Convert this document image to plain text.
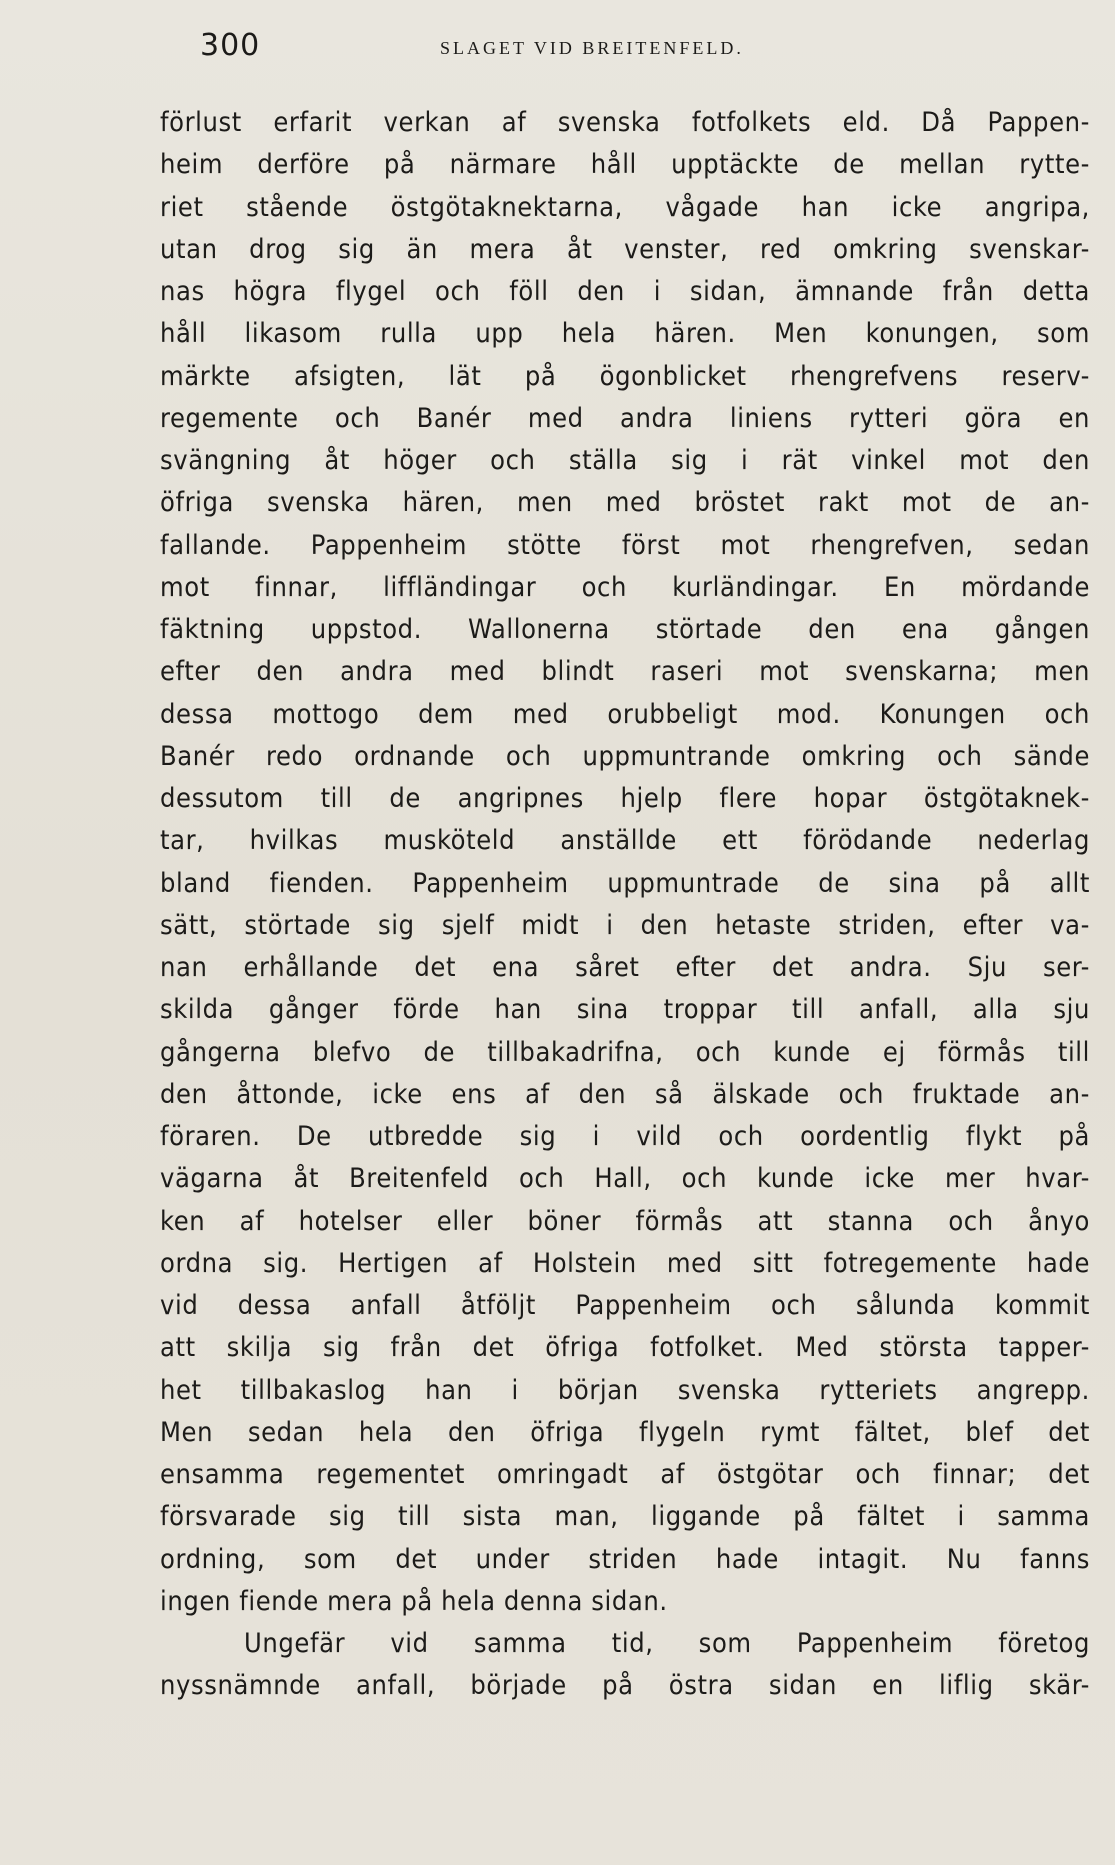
300	SLAGET VID BREITENFELD.
förlust erfarit verkan af svenska fotfolkets eld. Då Pappen-
heim derföre på närmare håll upptäckte de mellan rytte-
riet stående östgötaknektarna, vågade han icke angripa,
utan drog sig än mera åt venster, red omkring svenskar-
nas högra flygel och föll den i sidan, ämnande från detta
håll likasom rulla upp hela hären. Men konungen, som
märkte afsigten, lät på ögonblicket rhengrefvens reserv-
regemente och Banér med andra liniens rytteri göra en
svängning åt höger och ställa sig i rät vinkel mot den
öfriga svenska hären, men med bröstet rakt mot de an-
fallande. Pappenheim stötte först mot rhengrefven, sedan
mot finnar, liffländingar och kurländingar. En mördande
fäktning uppstod. Wallonerna störtade den ena gången
efter den andra med blindt raseri mot svenskarna; men
dessa mottogo dem med orubbeligt mod. Konungen och
Banér redo ordnande och uppmuntrande omkring och sände
dessutom till de angripnes hjelp flere hopar östgötaknek-
tar, hvilkas musköteld anställde ett förödande nederlag
bland fienden. Pappenheim uppmuntrade de sina på allt
sätt, störtade sig sjelf midt i den hetaste striden, efter va-
nan erhållande det ena såret efter det andra. Sju ser-
skilda gånger förde han sina troppar till anfall, alla sju
gångerna blefvo de tillbakadrifna, och kunde ej förmås till
den åttonde, icke ens af den så älskade och fruktade an-
föraren. De utbredde sig i vild och oordentlig flykt på
vägarna åt Breitenfeld och Hall, och kunde icke mer hvar-
ken af hotelser eller böner förmås att stanna och ånyo
ordna sig. Hertigen af Holstein med sitt fotregemente hade
vid dessa anfall åtföljt Pappenheim och sålunda kommit
att skilja sig från det öfriga fotfolket. Med största tapper-
het tillbakaslog han i början svenska rytteriets angrepp.
Men sedan hela den öfriga flygeln rymt fältet, blef det
ensamma regementet omringadt af östgötar och finnar; det
försvarade sig till sista man, liggande på fältet i samma
ordning, som det under striden hade intagit. Nu fanns
ingen fiende mera på hela denna sidan.
Ungefär vid samma tid, som Pappenheim företog
nyssnämnde anfall, började på östra sidan en liflig skär-
